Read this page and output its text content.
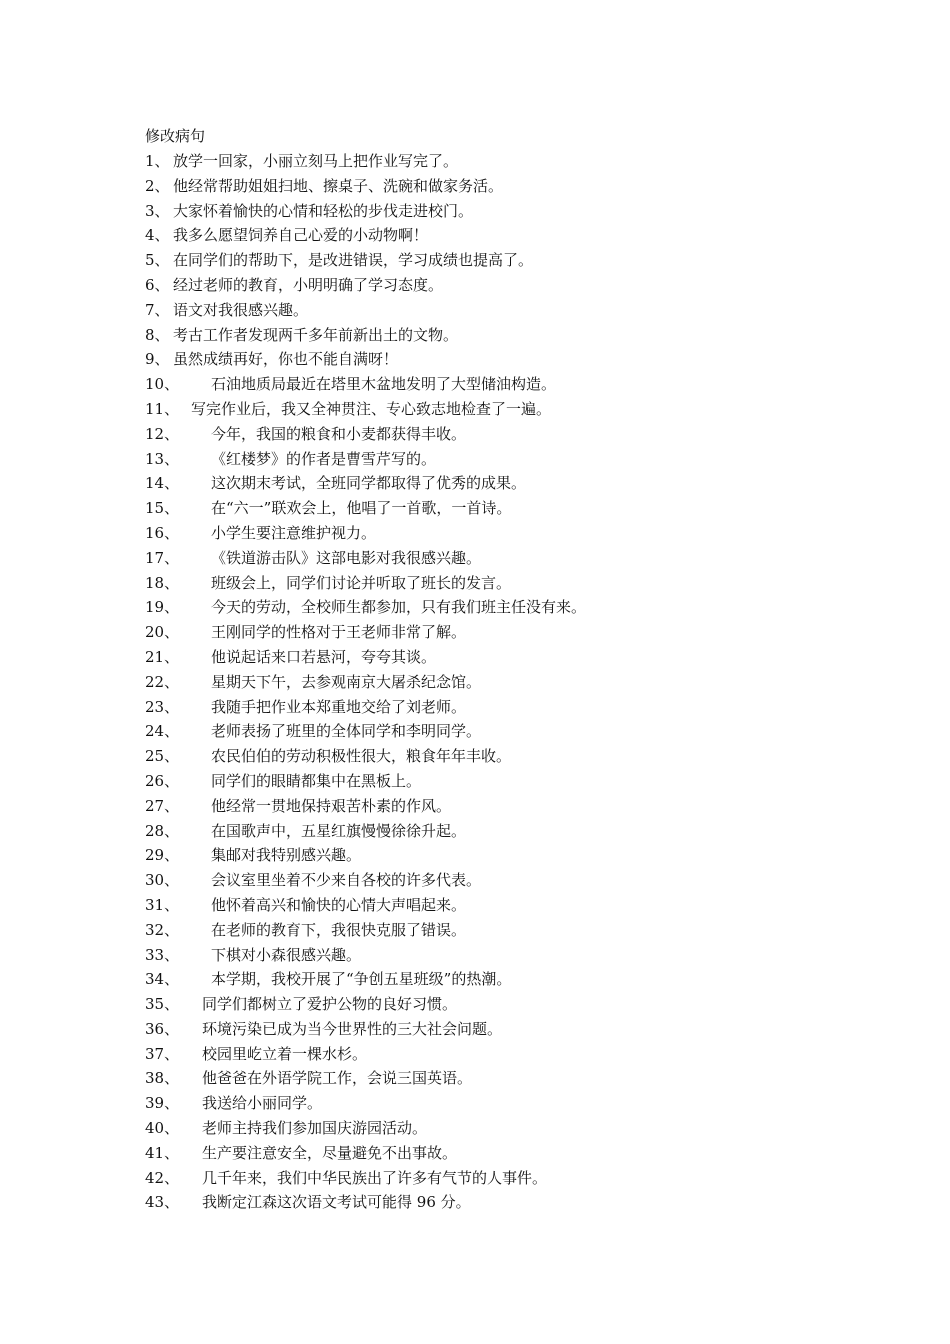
修改病句
1、 放学一回家，小丽立刻马上把作业写完了。
2、 他经常帮助姐姐扫地、擦桌子、洗碗和做家务活。
3、 大家怀着愉快的心情和轻松的步伐走进校门。
4、 我多么愿望饲养自己心爱的小动物啊！
5、 在同学们的帮助下，是改进错误，学习成绩也提高了。
6、 经过老师的教育，小明明确了学习态度。
7、 语文对我很感兴趣。
8、 考古工作者发现两千多年前新出土的文物。
9、 虽然成绩再好，你也不能自满呀！
10、 石油地质局最近在塔里木盆地发明了大型储油构造。
11、 写完作业后，我又全神贯注、专心致志地检查了一遍。
12、 今年，我国的粮食和小麦都获得丰收。
13、 《红楼梦》的作者是曹雪芹写的。
14、 这次期末考试，全班同学都取得了优秀的成果。
15、 在“六一”联欢会上，他唱了一首歌，一首诗。
16、 小学生要注意维护视力。
17、 《铁道游击队》这部电影对我很感兴趣。
18、 班级会上，同学们讨论并听取了班长的发言。
19、 今天的劳动，全校师生都参加，只有我们班主任没有来。
20、 王刚同学的性格对于王老师非常了解。
21、 他说起话来口若悬河，夸夸其谈。
22、 星期天下午，去参观南京大屠杀纪念馆。
23、 我随手把作业本郑重地交给了刘老师。
24、 老师表扬了班里的全体同学和李明同学。
25、 农民伯伯的劳动积极性很大，粮食年年丰收。
26、 同学们的眼睛都集中在黑板上。
27、 他经常一贯地保持艰苦朴素的作风。
28、 在国歌声中，五星红旗慢慢徐徐升起。
29、 集邮对我特别感兴趣。
30、 会议室里坐着不少来自各校的许多代表。
31、 他怀着高兴和愉快的心情大声唱起来。
32、 在老师的教育下，我很快克服了错误。
33、 下棋对小森很感兴趣。
34、 本学期，我校开展了“争创五星班级”的热潮。
35、 同学们都树立了爱护公物的良好习惯。
36、 环境污染已成为当今世界性的三大社会问题。
37、 校园里屹立着一棵水杉。
38、 他爸爸在外语学院工作，会说三国英语。
39、 我送给小丽同学。
40、 老师主持我们参加国庆游园活动。
41、 生产要注意安全，尽量避免不出事故。
42、 几千年来，我们中华民族出了许多有气节的人事件。
43、 我断定江森这次语文考试可能得 96 分。
